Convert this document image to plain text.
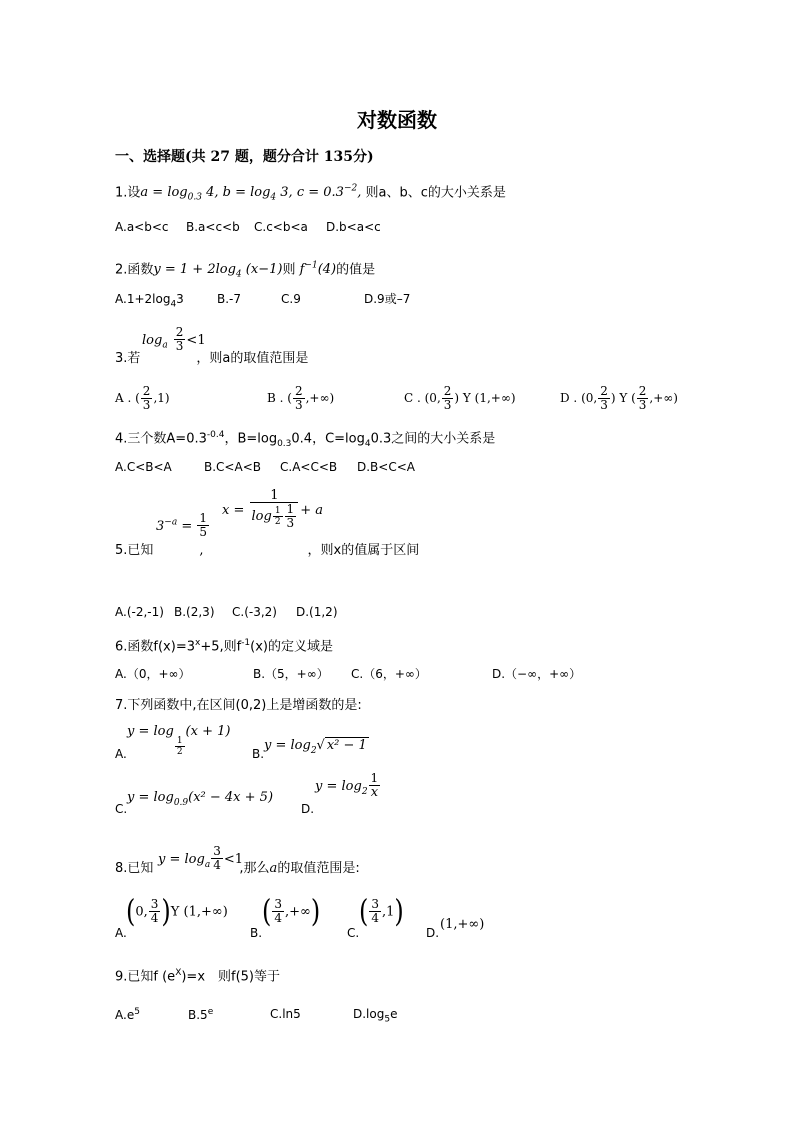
对数函数
一、选择题(共 27 题，题分合计 135分)
1.设$a = \log_{0.3} 4$, $b = \log_4 3$, $c = 0.3^{-2}$, 则a、b、c的大小关系是
A.a<b<c B.a<c<b C.c<b<a D.b<a<c
2.函数$y = 1 + 2\log_4$ (x−1)则 $f^{-1}(4)$的值是
$A.1+2\log_43$	B.-7	C.9	D.9或–7
$\log_a \frac{2}{3} <1$
3.若	，则a的取值范围是
A . ( $\frac{2}{3} ,1$)	B . ( $\frac{2}{3}$ ,+∞)	C . (0, $\frac{2}{3}$ ) Y (1,+∞)	D . (0, $\frac{2}{3}$ ) Y ( $\frac{2}{3}$ ,+∞)
4.三个数$A=0.3^{-0.4}$，$B=\log_{0.3}0.4$，$C=\log_40.3$之间的大小关系是
A.C<B<A	B.C<A<B C.A<C<B D.B<C<A
$3^{-a} = \frac{1}{5}$
$x = \frac{1}{\log \frac{1}{2} \frac{1}{3}} + a$
5.已知	,	，则x的值属于区间
A.(-2,-1) B.(2,3) C.(-3,2) D.(1,2)
6.函数$f(x)=3^x+5$,则$f^{-1}(x)$的定义域是
A.（0，+∞）	B.（5，+∞） C.（6，+∞）	D.（−∞，+∞）
7.下列函数中,在区间(0,2)上是增函数的是:
y = log
$\frac{1}{2}$
(x + 1)
A.
$y = \log_2√$ x² − 1
B.
$y = \log_{0.9}(x^2 - 4x + 5)$
C.
$y = \log_2 \frac{1}{x}$
D.
$y = \log_a \frac{3}{4} <1$
8.已知	,那么a的取值范围是:
(0, $\frac{3}{4} )Y$ (1,+∞)
A.
( $\frac{3}{4}$ ,+∞)
B.
( $\frac{3}{4} ,1$)
C.
(1,+∞)
D.
9.已知f $(e^X)=x$　则f(5)等于
$A.e^5$	B.5e	C.ln5	$D.\log_5e$
